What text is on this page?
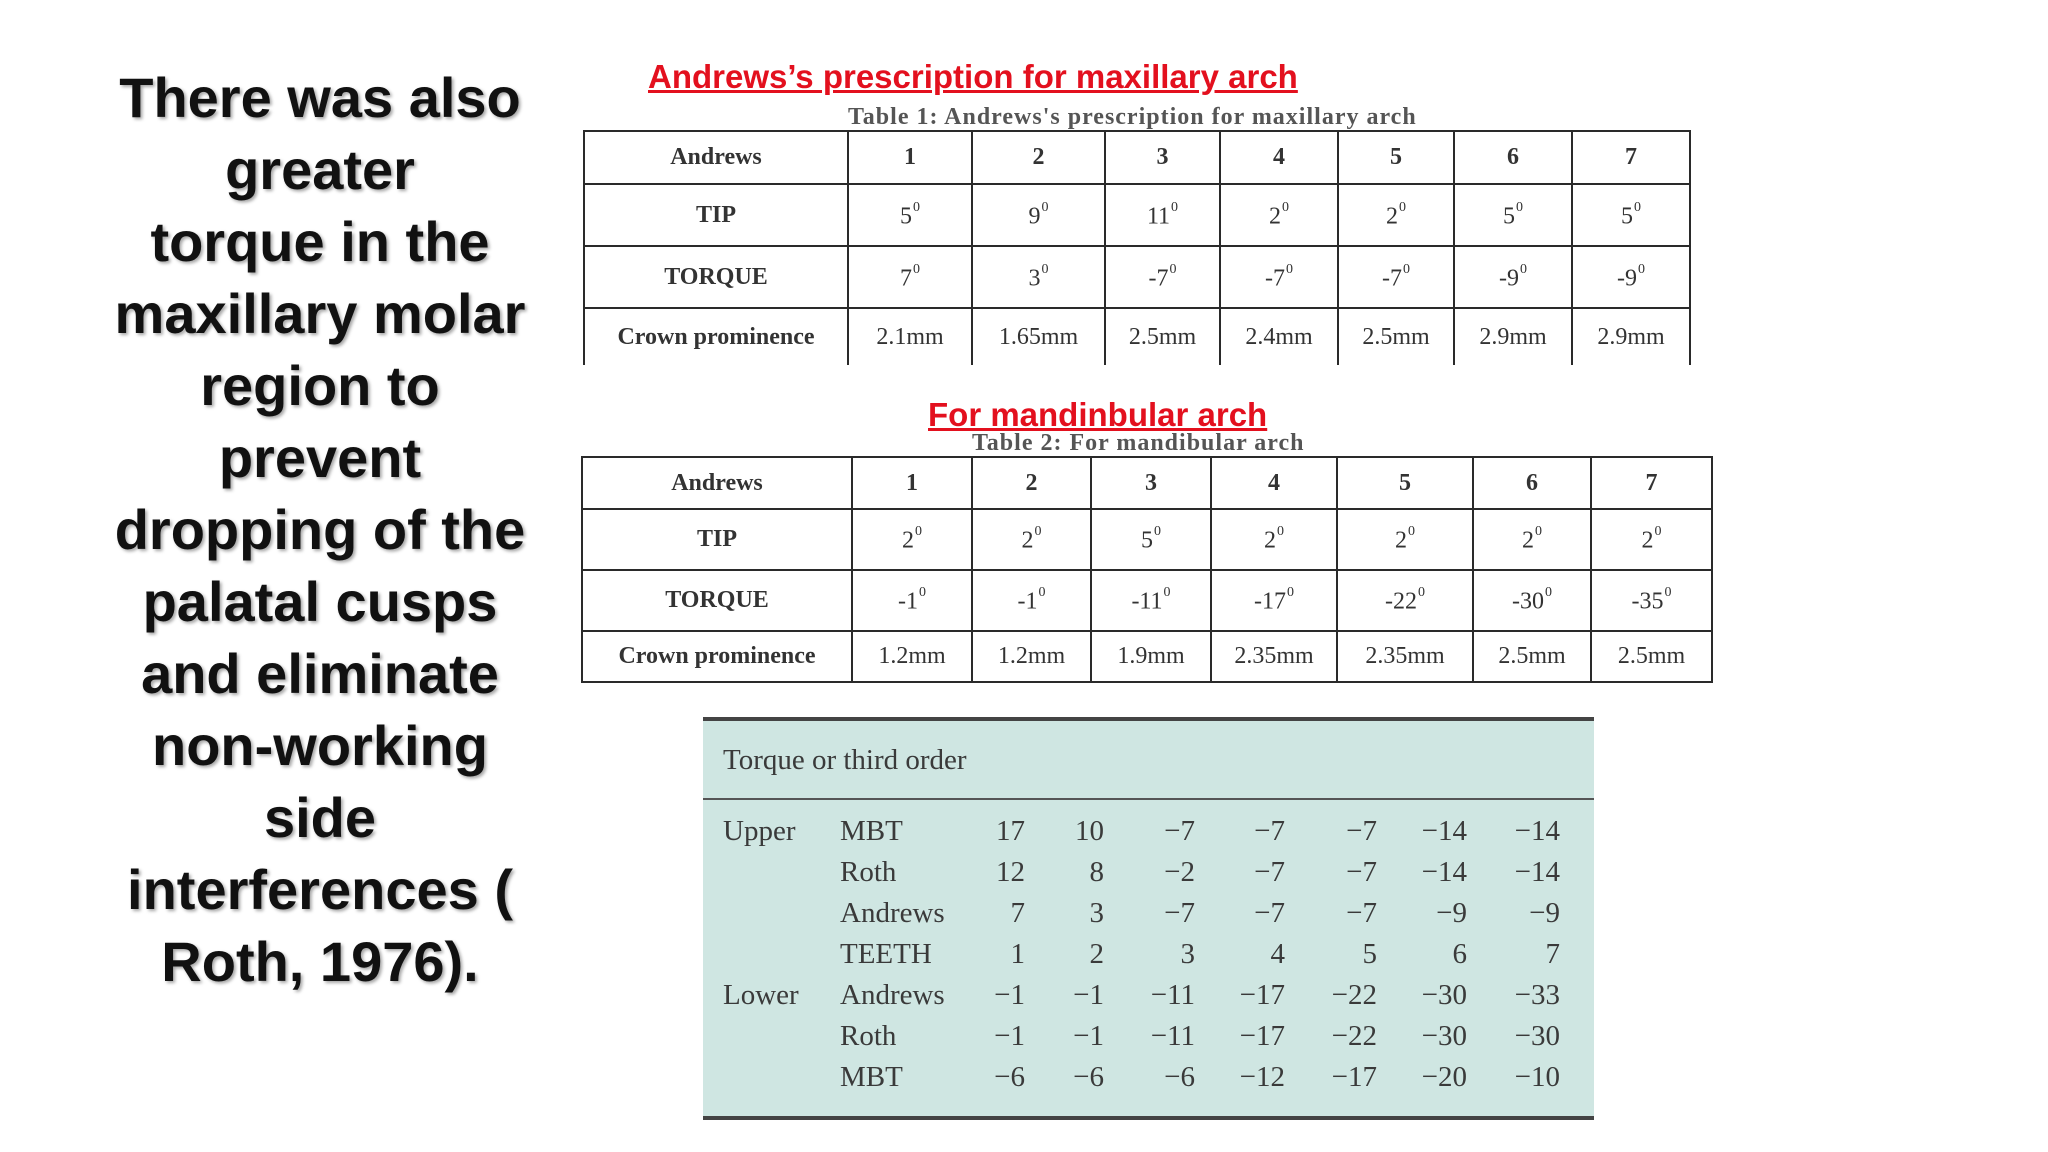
There was also
greater
torque in the
maxillary molar
region to
prevent
dropping of the
palatal cusps
and eliminate
non-working
side
interferences (
Roth, 1976).
Andrews’s prescription for maxillary arch
Table 1: Andrews's prescription for maxillary arch
Andrews	1	2	3	4	5	6	7
TIP	$5^0$	$9^0$	$11^0$	$2^0$	$2^0$	$5^0$	$5^0$
TORQUE	$7^0$	$3^0$	$-7^0$	$-7^0$	$-7^0$	$-9^0$	$-9^0$
Crown prominence	2.1mm	1.65mm	2.5mm	2.4mm	2.5mm	2.9mm	2.9mm
For mandinbular arch
Table 2: For mandibular arch
Andrews	1	2	3	4	5	6	7
TIP	$2^0$	$2^0$	$5^0$	$2^0$	$2^0$	$2^0$	$2^0$
TORQUE	$-1^0$	$-1^0$	$-11^0$	$-17^0$	$-22^0$	$-30^0$	$-35^0$
Crown prominence	1.2mm	1.2mm	1.9mm	2.35mm	2.35mm	2.5mm	2.5mm
Torque or third order
Upper MBT	17	10	−7	−7	−7	−14	−14
Roth	12	8	−2	−7	−7	−14	−14
Andrews	7	3	−7	−7	−7	−9	−9
TEETH	1	2	3	4	5	6	7
Lower Andrews	−1	−1	−11	−17	−22	−30	−33
Roth	−1	−1	−11	−17	−22	−30	−30
MBT	−6	−6	−6	−12	−17	−20	−10
